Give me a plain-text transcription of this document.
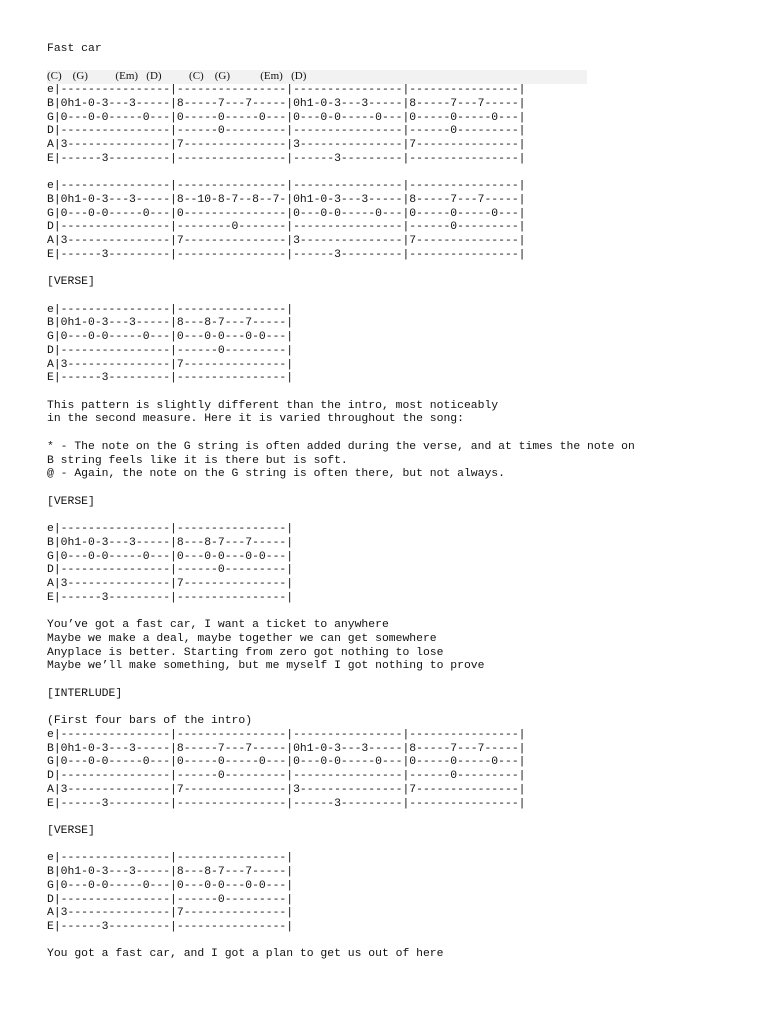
Fast car
(C)    (G)          (Em)   (D)          (C)    (G)           (Em)   (D)
e|----------------|----------------|----------------|----------------|
B|0h1-0-3---3-----|8-----7---7-----|0h1-0-3---3-----|8-----7---7-----|
G|0---0-0-----0---|0-----0-----0---|0---0-0-----0---|0-----0-----0---|
D|----------------|------0---------|----------------|------0---------|
A|3---------------|7---------------|3---------------|7---------------|
E|------3---------|----------------|------3---------|----------------|
e|----------------|----------------|----------------|----------------|
B|0h1-0-3---3-----|8--10-8-7--8--7-|0h1-0-3---3-----|8-----7---7-----|
G|0---0-0-----0---|0---------------|0---0-0-----0---|0-----0-----0---|
D|----------------|--------0-------|----------------|------0---------|
A|3---------------|7---------------|3---------------|7---------------|
E|------3---------|----------------|------3---------|----------------|
[VERSE]
e|----------------|----------------|
B|0h1-0-3---3-----|8---8-7---7-----|
G|0---0-0-----0---|0---0-0---0-0---|
D|----------------|------0---------|
A|3---------------|7---------------|
E|------3---------|----------------|
This pattern is slightly different than the intro, most noticeably
in the second measure. Here it is varied throughout the song:
* - The note on the G string is often added during the verse, and at times the note on
B string feels like it is there but is soft.
@ - Again, the note on the G string is often there, but not always.
[VERSE]
e|----------------|----------------|
B|0h1-0-3---3-----|8---8-7---7-----|
G|0---0-0-----0---|0---0-0---0-0---|
D|----------------|------0---------|
A|3---------------|7---------------|
E|------3---------|----------------|
You’ve got a fast car, I want a ticket to anywhere
Maybe we make a deal, maybe together we can get somewhere
Anyplace is better. Starting from zero got nothing to lose
Maybe we’ll make something, but me myself I got nothing to prove
[INTERLUDE]
(First four bars of the intro)
e|----------------|----------------|----------------|----------------|
B|0h1-0-3---3-----|8-----7---7-----|0h1-0-3---3-----|8-----7---7-----|
G|0---0-0-----0---|0-----0-----0---|0---0-0-----0---|0-----0-----0---|
D|----------------|------0---------|----------------|------0---------|
A|3---------------|7---------------|3---------------|7---------------|
E|------3---------|----------------|------3---------|----------------|
[VERSE]
e|----------------|----------------|
B|0h1-0-3---3-----|8---8-7---7-----|
G|0---0-0-----0---|0---0-0---0-0---|
D|----------------|------0---------|
A|3---------------|7---------------|
E|------3---------|----------------|
You got a fast car, and I got a plan to get us out of here
